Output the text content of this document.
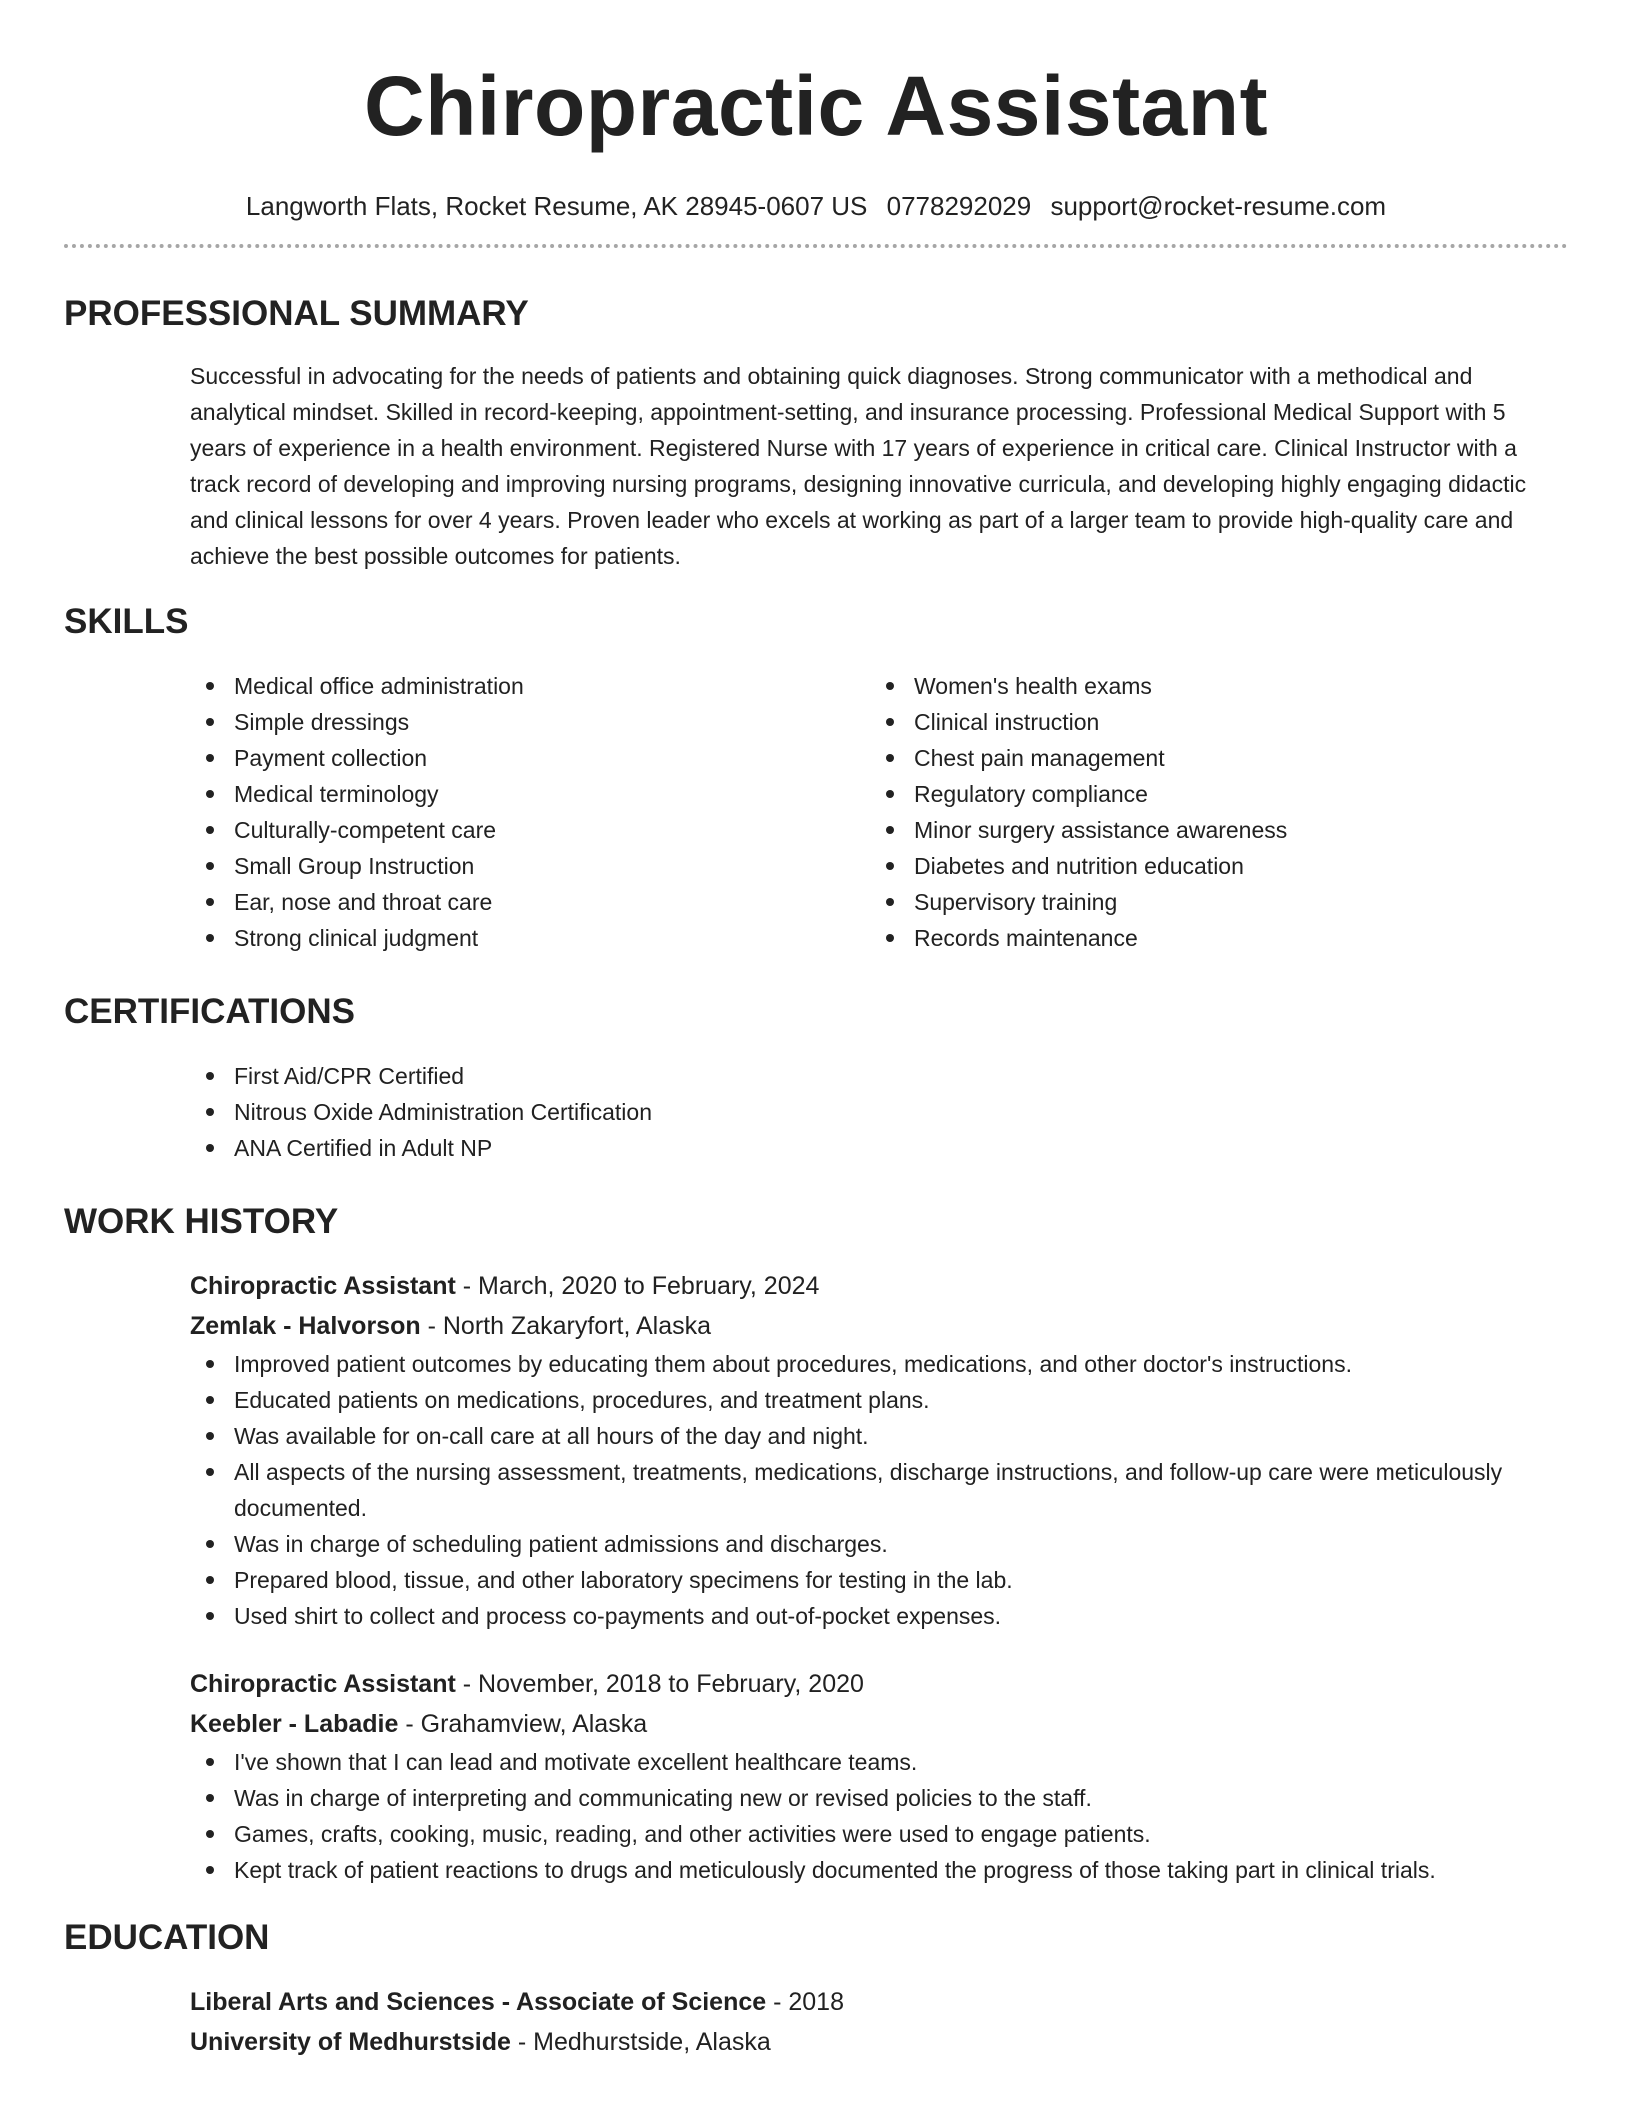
Chiropractic Assistant
Langworth Flats, Rocket Resume, AK 28945-0607 US 0778292029 support@rocket-resume.com
PROFESSIONAL SUMMARY
Successful in advocating for the needs of patients and obtaining quick diagnoses. Strong communicator with a methodical and analytical mindset. Skilled in record-keeping, appointment-setting, and insurance processing. Professional Medical Support with 5 years of experience in a health environment. Registered Nurse with 17 years of experience in critical care. Clinical Instructor with a track record of developing and improving nursing programs, designing innovative curricula, and developing highly engaging didactic and clinical lessons for over 4 years. Proven leader who excels at working as part of a larger team to provide high-quality care and achieve the best possible outcomes for patients.
SKILLS
Medical office administration
Simple dressings
Payment collection
Medical terminology
Culturally-competent care
Small Group Instruction
Ear, nose and throat care
Strong clinical judgment
Women's health exams
Clinical instruction
Chest pain management
Regulatory compliance
Minor surgery assistance awareness
Diabetes and nutrition education
Supervisory training
Records maintenance
CERTIFICATIONS
First Aid/CPR Certified
Nitrous Oxide Administration Certification
ANA Certified in Adult NP
WORK HISTORY
Chiropractic Assistant - March, 2020 to February, 2024
Zemlak - Halvorson - North Zakaryfort, Alaska
Improved patient outcomes by educating them about procedures, medications, and other doctor's instructions.
Educated patients on medications, procedures, and treatment plans.
Was available for on-call care at all hours of the day and night.
All aspects of the nursing assessment, treatments, medications, discharge instructions, and follow-up care were meticulously documented.
Was in charge of scheduling patient admissions and discharges.
Prepared blood, tissue, and other laboratory specimens for testing in the lab.
Used shirt to collect and process co-payments and out-of-pocket expenses.
Chiropractic Assistant - November, 2018 to February, 2020
Keebler - Labadie - Grahamview, Alaska
I've shown that I can lead and motivate excellent healthcare teams.
Was in charge of interpreting and communicating new or revised policies to the staff.
Games, crafts, cooking, music, reading, and other activities were used to engage patients.
Kept track of patient reactions to drugs and meticulously documented the progress of those taking part in clinical trials.
EDUCATION
Liberal Arts and Sciences - Associate of Science - 2018
University of Medhurstside - Medhurstside, Alaska
